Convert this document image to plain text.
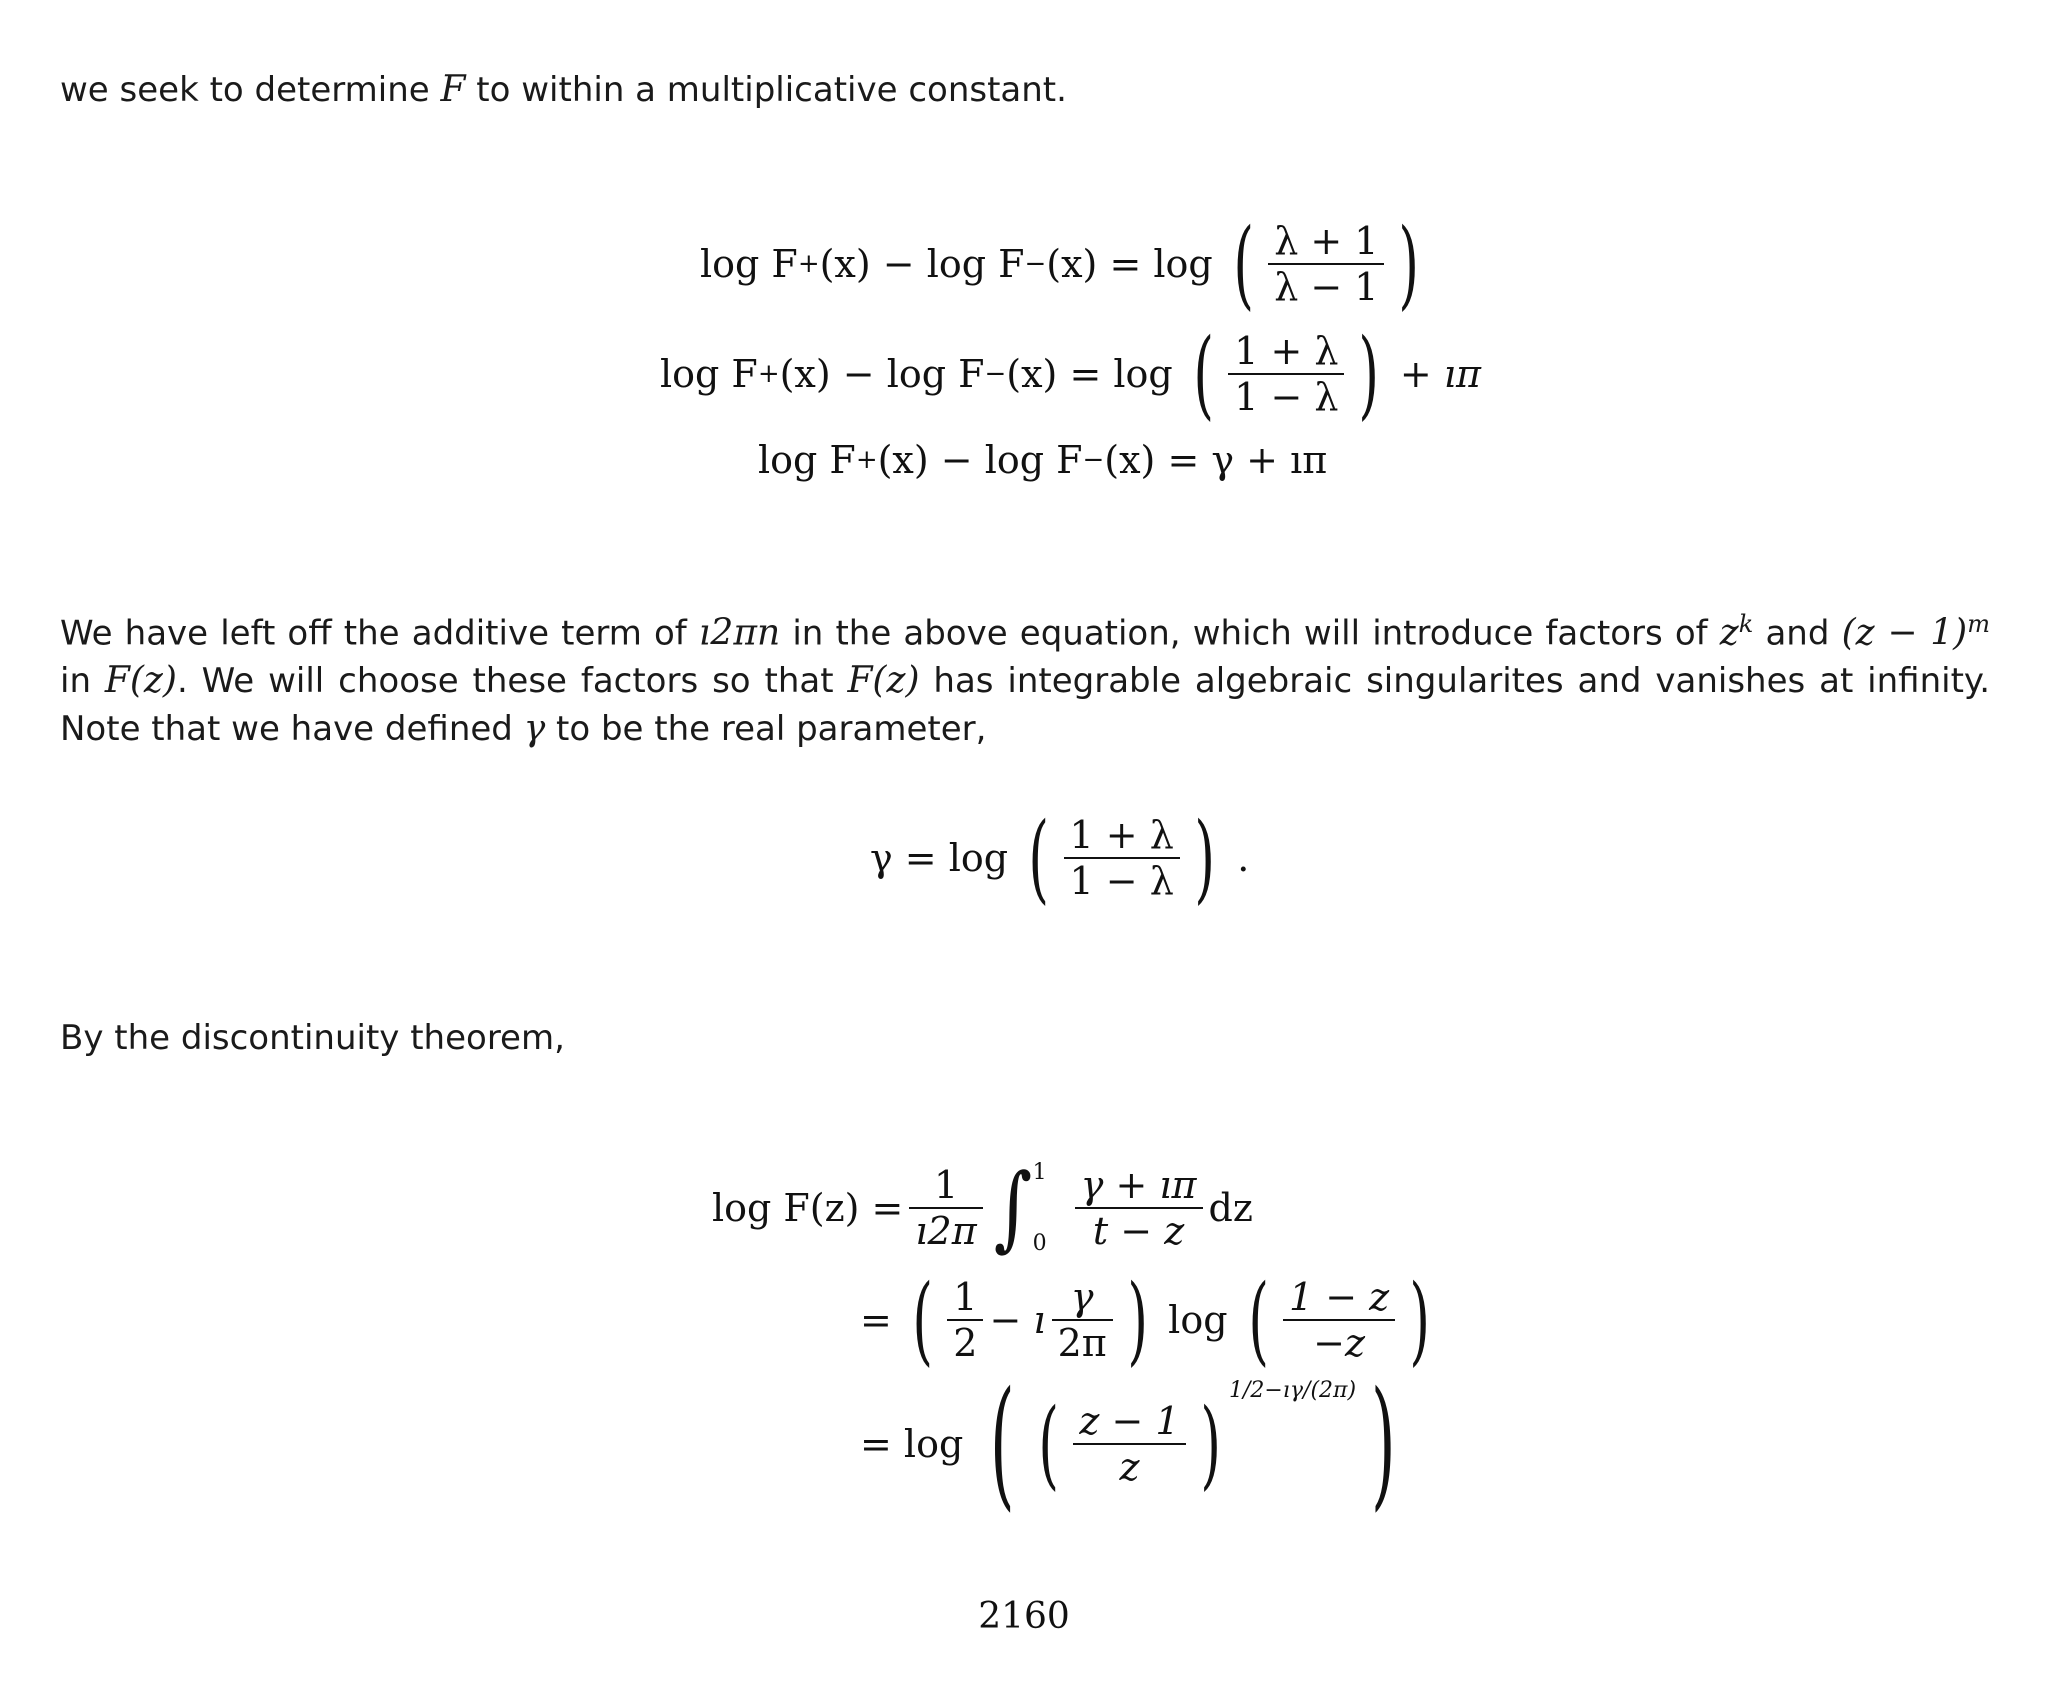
we seek to determine F to within a multiplicative constant.
log F + (x) − log F − (x) = log ( $\frac{\lambda + 1}{\lambda - 1}$ )
log F + (x) − log F − (x) = log ( $\frac{1 + \lambda}{1 - \lambda}$ ) + ıπ
log F + (x) − log F − (x) = γ + ıπ
We have left off the additive term of ı2πn in the above equation, which will introduce factors of $z^k$ and $(z - 1)^m$ in F(z). We will choose these factors so that F(z) has integrable algebraic singularites and vanishes at infinity. Note that we have defined γ to be the real parameter,
γ = log ( $\frac{1 + \lambda}{1 - \lambda}$ ) .
By the discontinuity theorem,
$\log F(z) = \frac{1}{ı2\pi}$ ∫ 1
$0 \frac{\gamma + ı\pi}{t - z}$ dz
= ( $\frac{1}{2}$ − ı $\frac{\gamma}{2\pi}$ ) log ( $\frac{1 - z}{-z}$ )
= log ( ( $\frac{z - 1}{z}$ ) 1/2−ıγ/(2π) )
2160
